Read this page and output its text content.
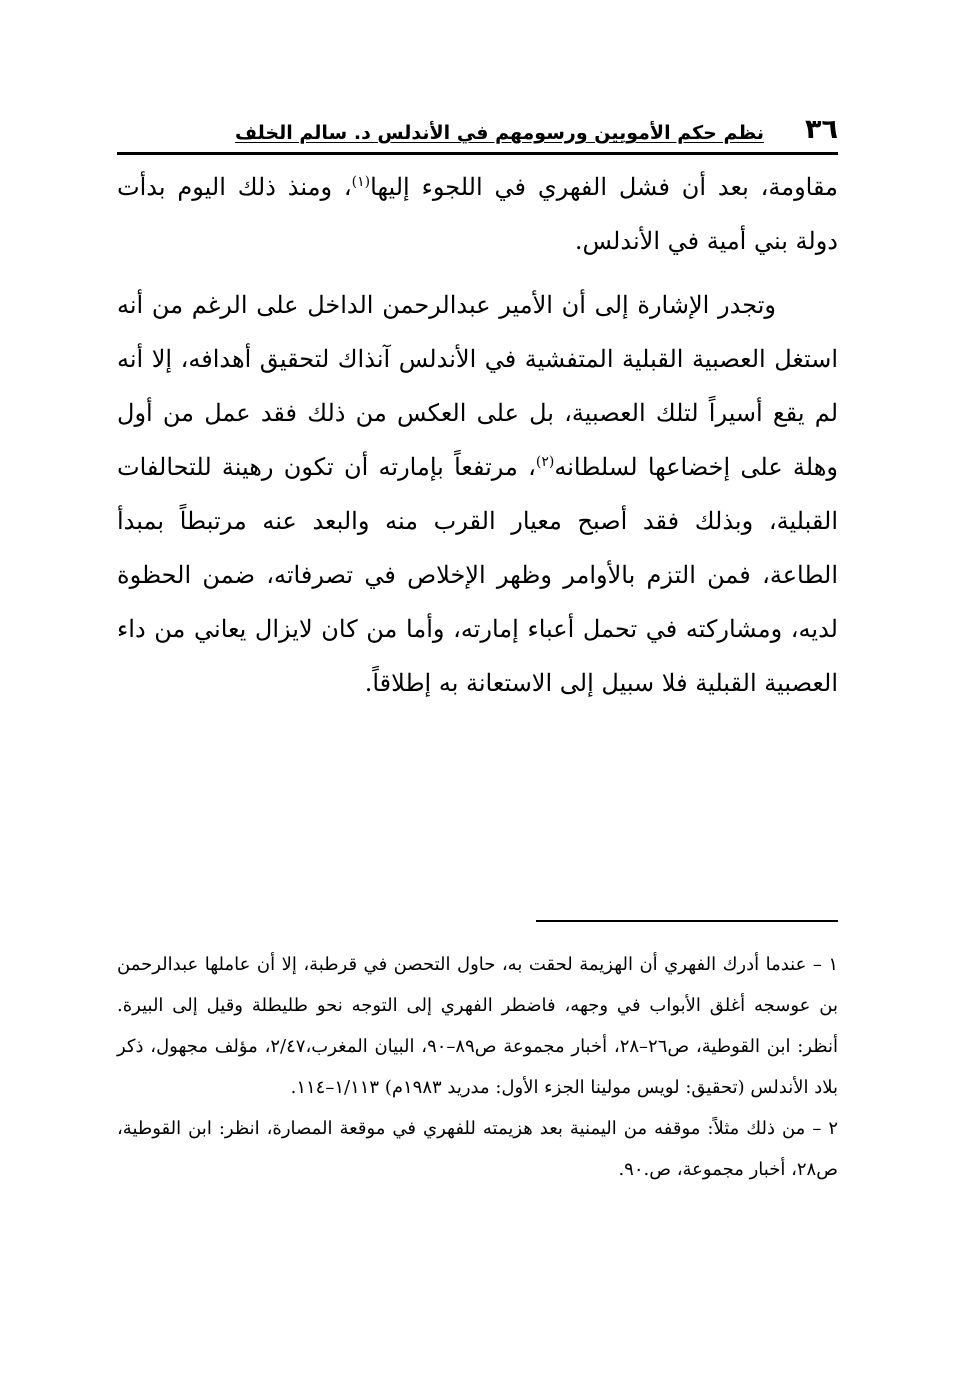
٣٦
نظم حكم الأمويين ورسومهم في الأندلس د. سالم الخلف

مقاومة، بعد أن فشل الفهري في اللجوء إليها$^{(١)}$، ومنذ ذلك اليوم بدأت دولة بني أمية في الأندلس.

وتجدر الإشارة إلى أن الأمير عبدالرحمن الداخل على الرغم من أنه استغل العصبية القبلية المتفشية في الأندلس آنذاك لتحقيق أهدافه، إلا أنه لم يقع أسيراً لتلك العصبية، بل على العكس من ذلك فقد عمل من أول وهلة على إخضاعها لسلطانه$^{(٢)}$، مرتفعاً بإمارته أن تكون رهينة للتحالفات القبلية، وبذلك فقد أصبح معيار القرب منه والبعد عنه مرتبطاً بمبدأ الطاعة، فمن التزم بالأوامر وظهر الإخلاص في تصرفاته، ضمن الحظوة لديه، ومشاركته في تحمل أعباء إمارته، وأما من كان لايزال يعاني من داء العصبية القبلية فلا سبيل إلى الاستعانة به إطلاقاً.

١ – عندما أدرك الفهري أن الهزيمة لحقت به، حاول التحصن في قرطبة، إلا أن عاملها عبدالرحمن بن عوسجه أغلق الأبواب في وجهه، فاضطر الفهري إلى التوجه نحو طليطلة وقيل إلى البيرة. أنظر: ابن القوطية، ص٢٦–٢٨، أخبار مجموعة ص٨٩–٩٠، البيان المغرب،٢/٤٧، مؤلف مجهول، ذكر بلاد الأندلس (تحقيق: لويس مولينا الجزء الأول: مدريد ١٩٨٣م) ١/١١٣–١١٤.

٢ – من ذلك مثلاً: موقفه من اليمنية بعد هزيمته للفهري في موقعة المصارة، انظر: ابن القوطية، ص٢٨، أخبار مجموعة، ص.٩٠.
